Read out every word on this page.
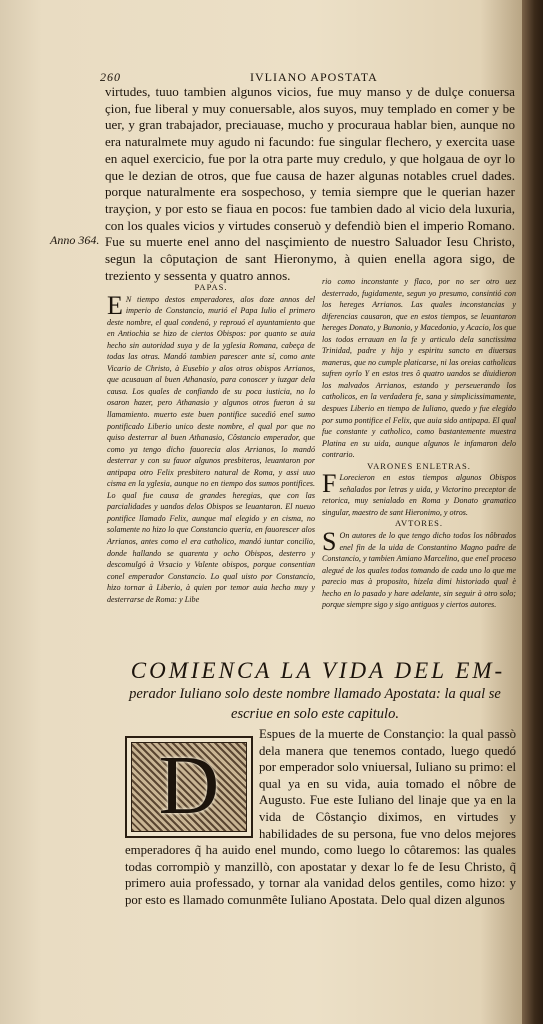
260	IVLIANO APOSTATA
virtudes, tuuo tambien algunos vicios, fue muy manso y de dulçe conuersa çion, fue liberal y muy conuersable, alos suyos, muy templado en comer y be uer, y gran trabajador, preciauase, mucho y procuraua hablar bien, aunque no era naturalmete muy agudo ni facundo: fue singular flechero, y exercita uase en aquel exercicio, fue por la otra parte muy credulo, y que holgaua de oyr lo que le dezian de otros, que fue causa de hazer algunas notables cruel dades. porque naturalmente era sospechoso, y temia siempre que le querian hazer trayçion, y por esto se fiaua en pocos: fue tambien dado al vicio dela luxuria, con los quales vicios y virtudes conseruò y defendiò bien el imperio Romano. Fue su muerte enel anno del nasçimiento de nuestro Saluador Iesu Christo, segun la côputaçion de sant Hieronymo, à quien enella agora sigo, de treziento y sessenta y quatro annos.
Anno 364.

PAPAS.

E N tiempo destos emperadores, alos doze annos del imperio de Constancio, murió el Papa Iulio el primero deste nombre, el qual condenó, y reprouó el ayuntamiento que en Antiochia se hizo de ciertos Obispos: por quanto se auia hecho sin autoridad suya y de la yglesia Romana, cabeça de todas las otras. Mandó tambien parescer ante sí, como ante Vicario de Christo, à Eusebio y alos otros obispos Arrianos, que acusauan al buen Athanasio, para conoscer y iuzgar dela causa. Los quales de confiando de su poca iusticia, no lo osaron hazer, pero Athanasio y algunos otros fueron à su llamamiento. muerto este buen pontifice sucedió enel sumo pontificado Liberio unico deste nombre, el qual por que no quiso desterrar al buen Athanasio, Côstancio emperador, que como ya tengo dicho fauorecia alos Arrianos, lo mandó desterrar y con su fauor algunos presbiteros, leuantaron por antipapa otro Felix presbitero natural de Roma, y assi uuo cisma en la yglesia, aunque no en tiempo dos sumos pontifices. Lo qual fue causa de grandes heregias, que con las parcialidades y uandos delos Obispos se leuantaron. El nueuo pontifice llamado Felix, aunque mal elegido y en cisma, no solamente no hizo lo que Constancio queria, en fauorescer alos Arrianos, antes como el era catholico, mandó iuntar concilio, donde hallando se quarenta y ocho Obispos, desterro y descomulgó à Vrsacio y Valente obispos, porque consentian conel emperador Constancio. Lo qual uisto por Constancio, hizo tornar à Liberio, à quien por temor auia hecho muy y desterrarse de Roma: y Libe

rio como inconstante y flaco, por no ser otro uez desterrado, fugidamente, segun yo presumo, consintió con los hereges Arrianos. Las quales inconstancias y diferencias causaron, que en estos tiempos, se leuantaron hereges Donato, y Bunonio, y Macedonio, y Acacio, los que los todos errauan en la fe y articulo dela sanctissima Trinidad, padre y hijo y espiritu sancto en diuersas maneras, que no cumple platicarse, ni las oreias catholicas sufren oyrlo Y en estos tres ô quatro uandos se diuidieron los malvados Arrianos, estando y perseuerando los catholicos, en la verdadera fe, sana y simplicissimamente, despues Liberio en tiempo de Iuliano, quedo y fue elegido por sumo pontifice el Felix, que auia sido antipapa. El qual fue constante y catholico, como bastantemente muestra Platina en su uida, aunque algunos le infamaron delo contrario.

VARONES ENLETRAS.

F Lorecieron en estos tiempos algunos Obispos señalados por letras y uida, y Victorino preceptor de retorica, muy senialado en Roma y Donato gramatico singular, maestro de sant Hieronimo, y otros.

AVTORES.

S On autores de lo que tengo dicho todos los nôbrados enel fin de la uida de Constantino Magno padre de Constancio, y tambien Amiano Marcelino, que enel proceso alegué de los quales todos tomando de cada uno lo que me parecio mas à proposito, hizela dimi historiado qual è hecho en lo pasado y hare adelante, sin seguir à otro solo; porque siempre sigo y sigo antiguos y ciertos autores.

COMIENCA LA VIDA DEL EM-
perador Iuliano solo deste nombre llamado Apostata: la qual se escriue en solo este capitulo.
D
Espues de la muerte de Constançio: la qual passò dela manera que tenemos contado, luego quedó por emperador solo vniuersal, Iuliano su primo: el qual ya en su vida, auia tomado el nôbre de Augusto. Fue este Iuliano del linaje que ya en la vida de Côstançio diximos, en virtudes y habilidades de su persona, fue vno delos mejores emperadores q̃ ha auido enel mundo, como luego lo côtaremos: las quales todas corrompiò y manzillò, con apostatar y dexar lo fe de Iesu Christo, q̃ primero auia professado, y tornar ala vanidad delos gentiles, como hizo: y por esto es llamado comunmête Iuliano Apostata. Delo qual dizen algunos
